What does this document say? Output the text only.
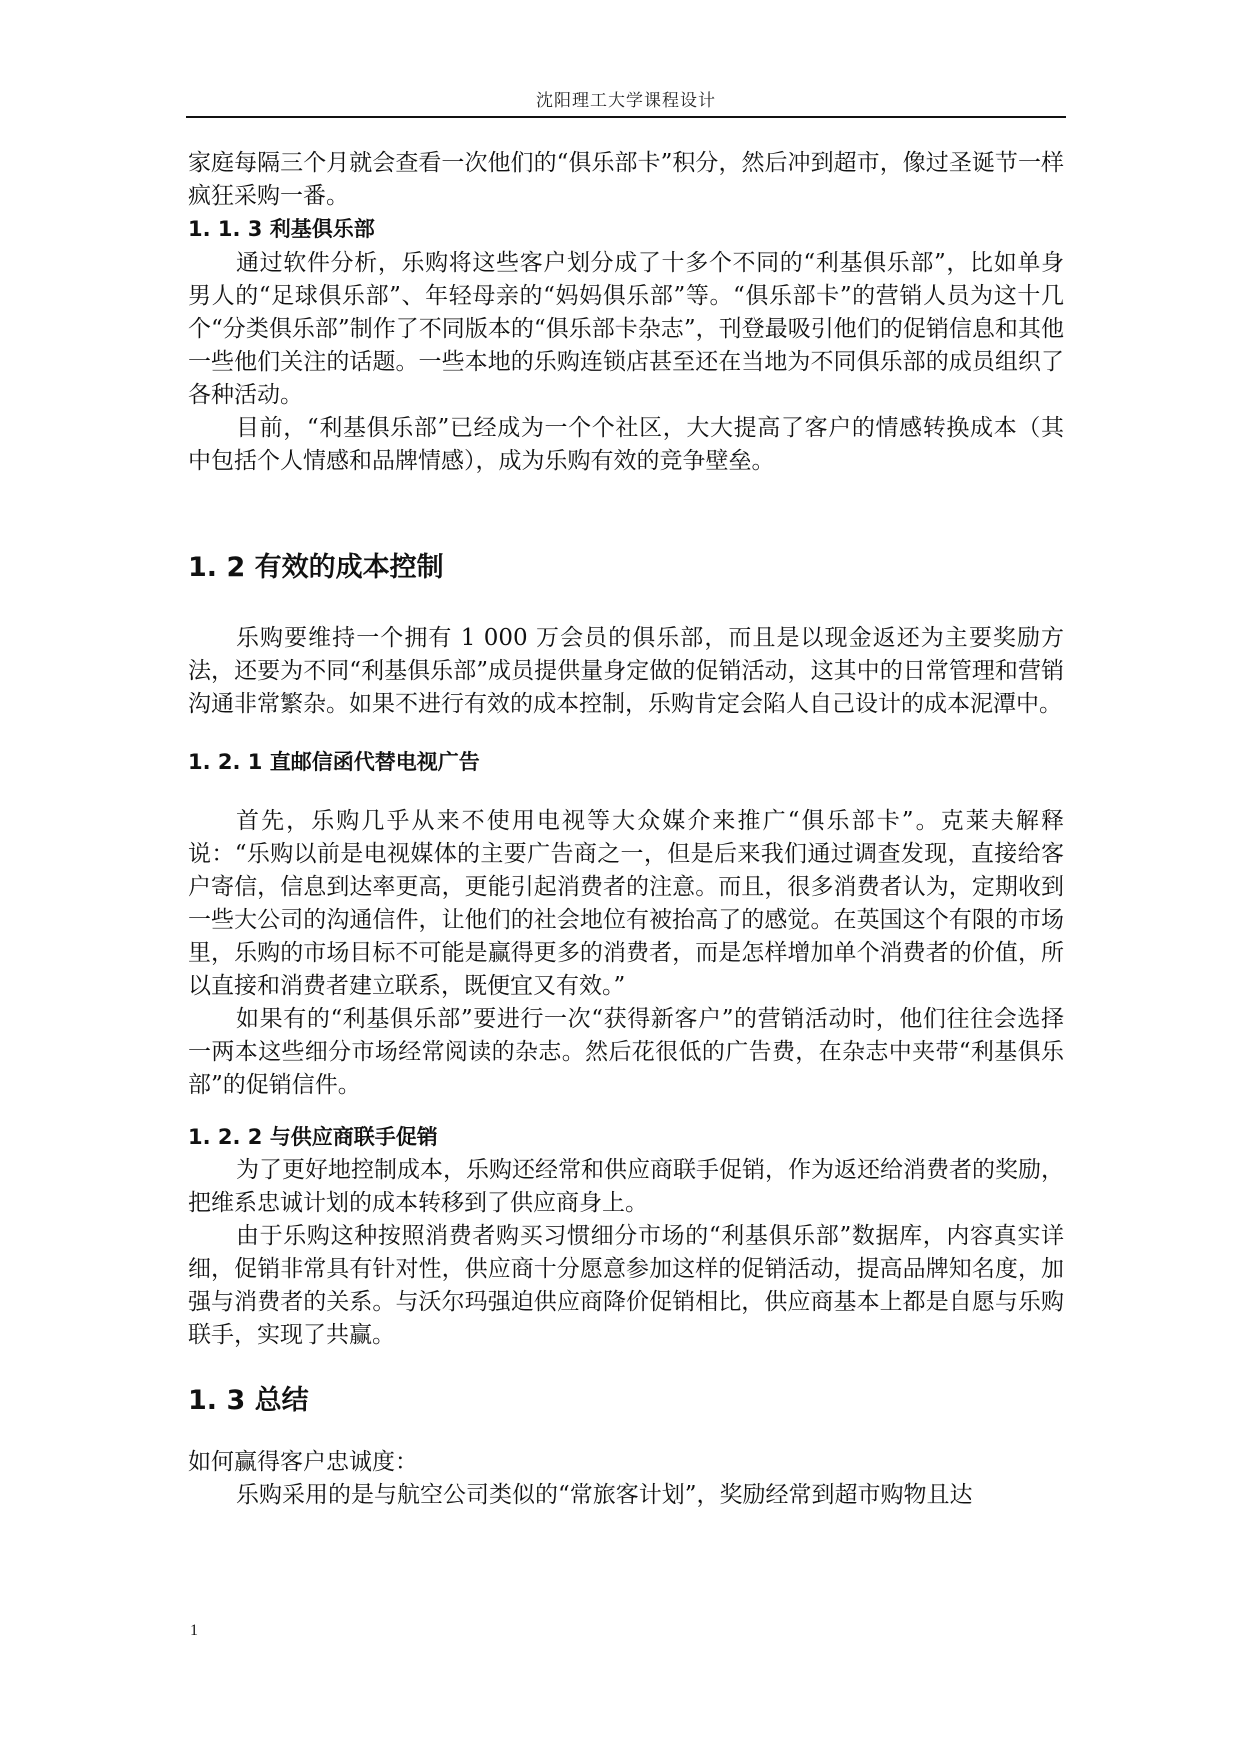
沈阳理工大学课程设计

家庭每隔三个月就会查看一次他们的“俱乐部卡”积分，然后冲到超市，像过圣诞节一样疯狂采购一番。

1. 1. 3 利基俱乐部

通过软件分析，乐购将这些客户划分成了十多个不同的“利基俱乐部”，比如单身男人的“足球俱乐部”、年轻母亲的“妈妈俱乐部”等。“俱乐部卡”的营销人员为这十几个“分类俱乐部”制作了不同版本的“俱乐部卡杂志”，刊登最吸引他们的促销信息和其他一些他们关注的话题。一些本地的乐购连锁店甚至还在当地为不同俱乐部的成员组织了各种活动。

目前，“利基俱乐部”已经成为一个个社区，大大提高了客户的情感转换成本（其中包括个人情感和品牌情感），成为乐购有效的竞争壁垒。

1. 2 有效的成本控制

乐购要维持一个拥有 1 000 万会员的俱乐部，而且是以现金返还为主要奖励方法，还要为不同“利基俱乐部”成员提供量身定做的促销活动，这其中的日常管理和营销沟通非常繁杂。如果不进行有效的成本控制，乐购肯定会陷人自己设计的成本泥潭中。

1. 2. 1 直邮信函代替电视广告

首先，乐购几乎从来不使用电视等大众媒介来推广“俱乐部卡”。克莱夫解释说：“乐购以前是电视媒体的主要广告商之一，但是后来我们通过调查发现，直接给客户寄信，信息到达率更高，更能引起消费者的注意。而且，很多消费者认为，定期收到一些大公司的沟通信件，让他们的社会地位有被抬高了的感觉。在英国这个有限的市场里，乐购的市场目标不可能是赢得更多的消费者，而是怎样增加单个消费者的价值，所以直接和消费者建立联系，既便宜又有效。”

如果有的“利基俱乐部”要进行一次“获得新客户”的营销活动时，他们往往会选择一两本这些细分市场经常阅读的杂志。然后花很低的广告费，在杂志中夹带“利基俱乐部”的促销信件。

1. 2. 2 与供应商联手促销

为了更好地控制成本，乐购还经常和供应商联手促销，作为返还给消费者的奖励，把维系忠诚计划的成本转移到了供应商身上。

由于乐购这种按照消费者购买习惯细分市场的“利基俱乐部”数据库，内容真实详细，促销非常具有针对性，供应商十分愿意参加这样的促销活动，提高品牌知名度，加强与消费者的关系。与沃尔玛强迫供应商降价促销相比，供应商基本上都是自愿与乐购联手，实现了共赢。

1. 3 总结

如何赢得客户忠诚度：

乐购采用的是与航空公司类似的“常旅客计划”，奖励经常到超市购物且达

1
